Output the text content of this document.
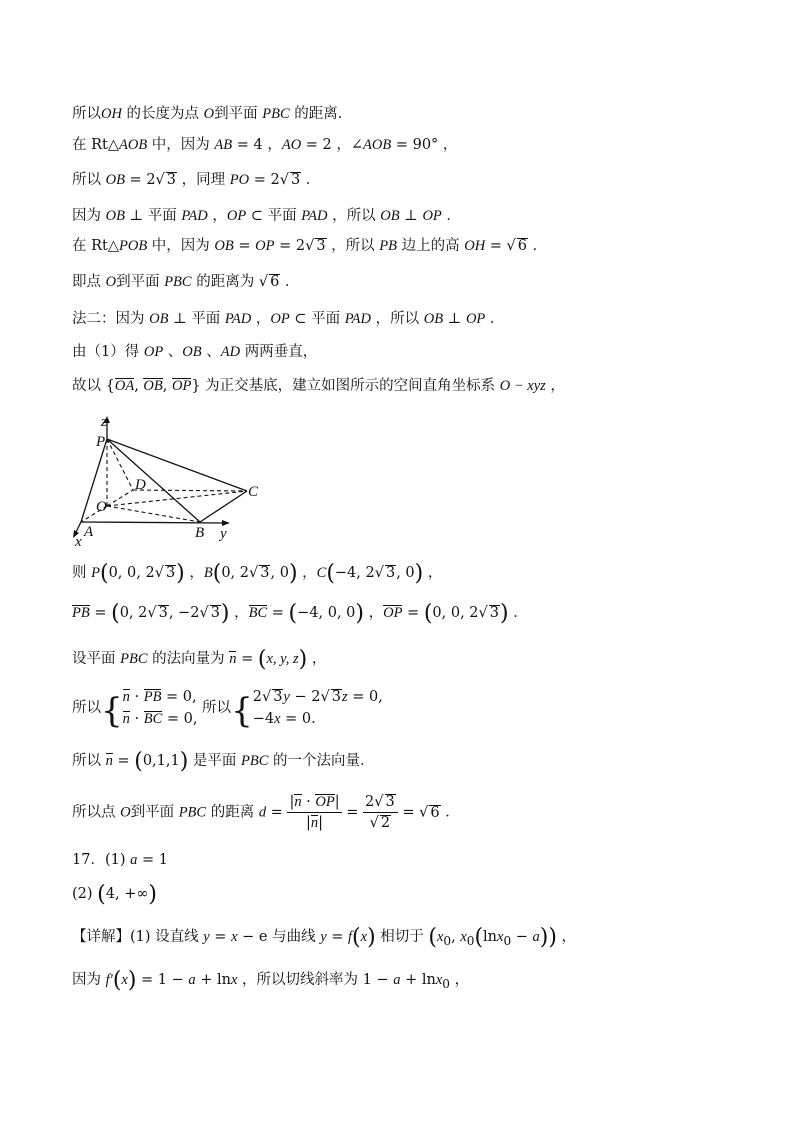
所以OH 的长度为点 O到平面 PBC 的距离．
在 Rt△AOB 中，因为 AB = 4 ，AO = 2 ，∠AOB = 90° ，
所以 OB = 2√ 3 ，同理 PO = 2√ 3 ．
因为 OB ⊥ 平面 PAD ，OP ⊂ 平面 PAD ，所以 OB ⊥ OP ．
在 Rt△POB 中，因为 OB = OP = 2√ 3 ，所以 PB 边上的高 OH = √ 6 ．
即点 O到平面 PBC 的距离为 √ 6 ．
法二：因为 OB ⊥ 平面 PAD ，OP ⊂ 平面 PAD ，所以 OB ⊥ OP ．
由（1）得 OP 、OB 、AD 两两垂直，
故以 {OA, OB, OP} 为正交基底，建立如图所示的空间直角坐标系 O − xyz ，
z
P
D	C
O
A	B
x	y
则 P(0, 0, 2√ 3) ，B(0, 2√ 3, 0) ，C(−4, 2√ 3, 0) ，
PB = (0, 2√ 3, −2√ 3) ，BC = (−4, 0, 0) ，OP = (0, 0, 2√ 3) ．
设平面 PBC 的法向量为 n = (x, y, z) ，
所以{ n · PB = 0,
n · BC = 0,
所以{ 2√ 3y − 2√ 3z = 0,
−4x = 0.
所以 n = (0,1,1) 是平面 PBC 的一个法向量．
所以点 O到平面 PBC 的距离 $d = \frac{|n \cdot OP|}{|n|} = \frac{2√ 3}{√ 2}$ = √ 6 ．
17．(1) a = 1
(2) (4, +∞)
【详解】(1) 设直线 y = x − e 与曲线 y = f(x) 相切于 ($x_0$, $x_0(\ln x_0 - a)$) ，
因为 f′(x) = 1 − a + lnx ，所以切线斜率为 1 − a + lnx$_0$ ，
